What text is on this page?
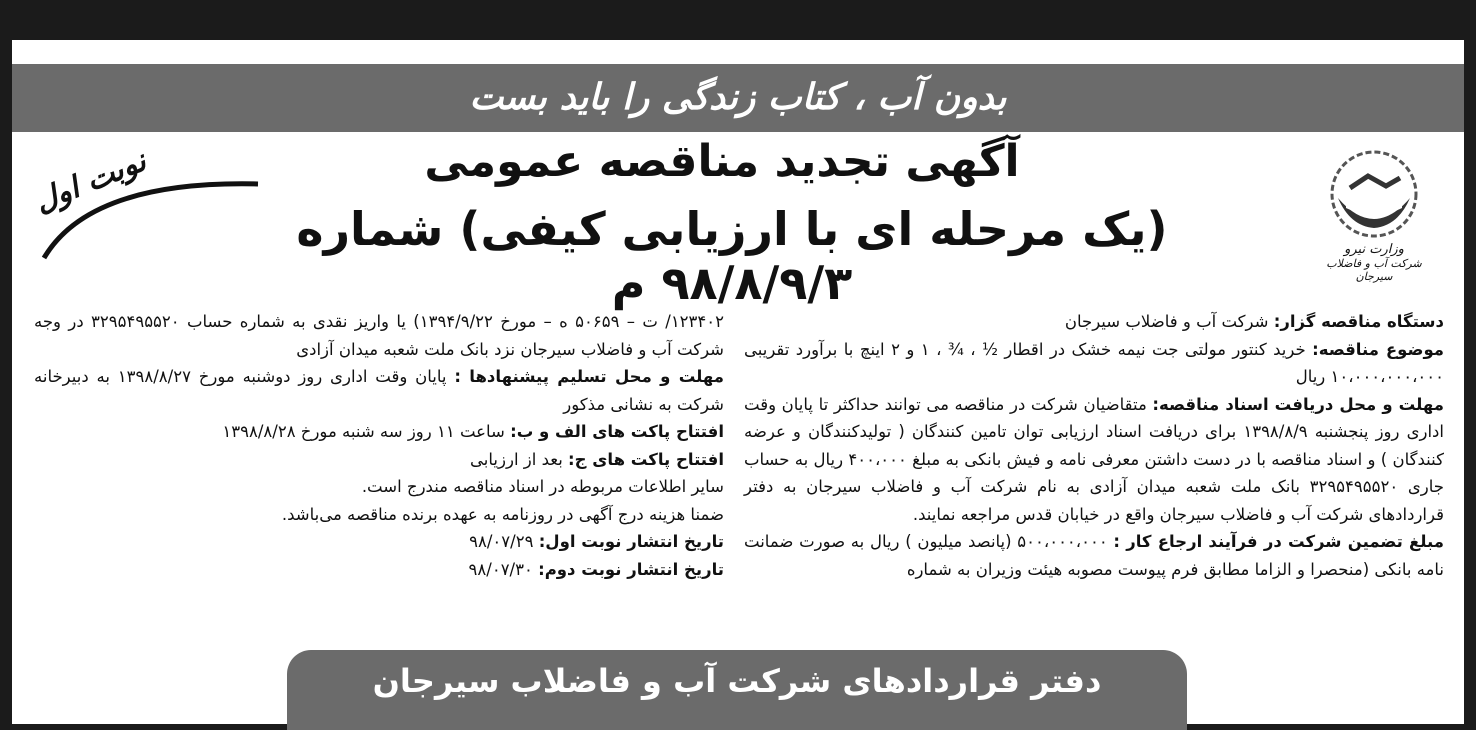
بدون آب ، کتاب زندگی را باید بست
وزارت نیرو
شرکت آب و فاضلاب سیرجان
آگهی تجدید مناقصه عمومی
(یک مرحله ای با ارزیابی کیفی) شماره ۹۸/۸/۹/۳ م
نوبت اول

دستگاه مناقصه گزار: شرکت آب و فاضلاب سیرجان

موضوع مناقصه: خرید کنتور مولتی جت نیمه خشک در اقطار ½ ، ¾ ، ۱ و ۲ اینچ با برآورد تقریبی ۱۰،۰۰۰،۰۰۰،۰۰۰ ریال

مهلت و محل دریافت اسناد مناقصه: متقاضیان شرکت در مناقصه می توانند حداکثر تا پایان وقت اداری روز پنجشنبه ۱۳۹۸/۸/۹ برای دریافت اسناد ارزیابی توان تامین کنندگان ( تولیدکنندگان و عرضه کنندگان ) و اسناد مناقصه با در دست داشتن معرفی نامه و فیش بانکی به مبلغ ۴۰۰،۰۰۰ ریال به حساب جاری ۳۲۹۵۴۹۵۵۲۰ بانک ملت شعبه میدان آزادی به نام شرکت آب و فاضلاب سیرجان به دفتر قراردادهای شرکت آب و فاضلاب سیرجان واقع در خیابان قدس مراجعه نمایند.

مبلغ تضمین شرکت در فرآیند ارجاع کار : ۵۰۰،۰۰۰،۰۰۰ (پانصد میلیون ) ریال به صورت ضمانت نامه بانکی (منحصرا و الزاما مطابق فرم پیوست مصوبه هیئت وزیران به شماره

۱۲۳۴۰۲/ ت – ۵۰۶۵۹ ه – مورخ ۱۳۹۴/۹/۲۲) یا واریز نقدی به شماره حساب ۳۲۹۵۴۹۵۵۲۰ در وجه شرکت آب و فاضلاب سیرجان نزد بانک ملت شعبه میدان آزادی

مهلت و محل تسلیم پیشنهادها : پایان وقت اداری روز دوشنبه مورخ ۱۳۹۸/۸/۲۷ به دبیرخانه شرکت به نشانی مذکور

افتتاح پاکت های الف و ب: ساعت ۱۱ روز سه شنبه مورخ ۱۳۹۸/۸/۲۸

افتتاح پاکت های ج: بعد از ارزیابی

سایر اطلاعات مربوطه در اسناد مناقصه مندرج است.

ضمنا هزینه درج آگهی در روزنامه به عهده برنده مناقصه می‌باشد.

تاریخ انتشار نوبت اول: ۹۸/۰۷/۲۹

تاریخ انتشار نوبت دوم: ۹۸/۰۷/۳۰

دفتر قراردادهای شرکت آب و فاضلاب سیرجان
